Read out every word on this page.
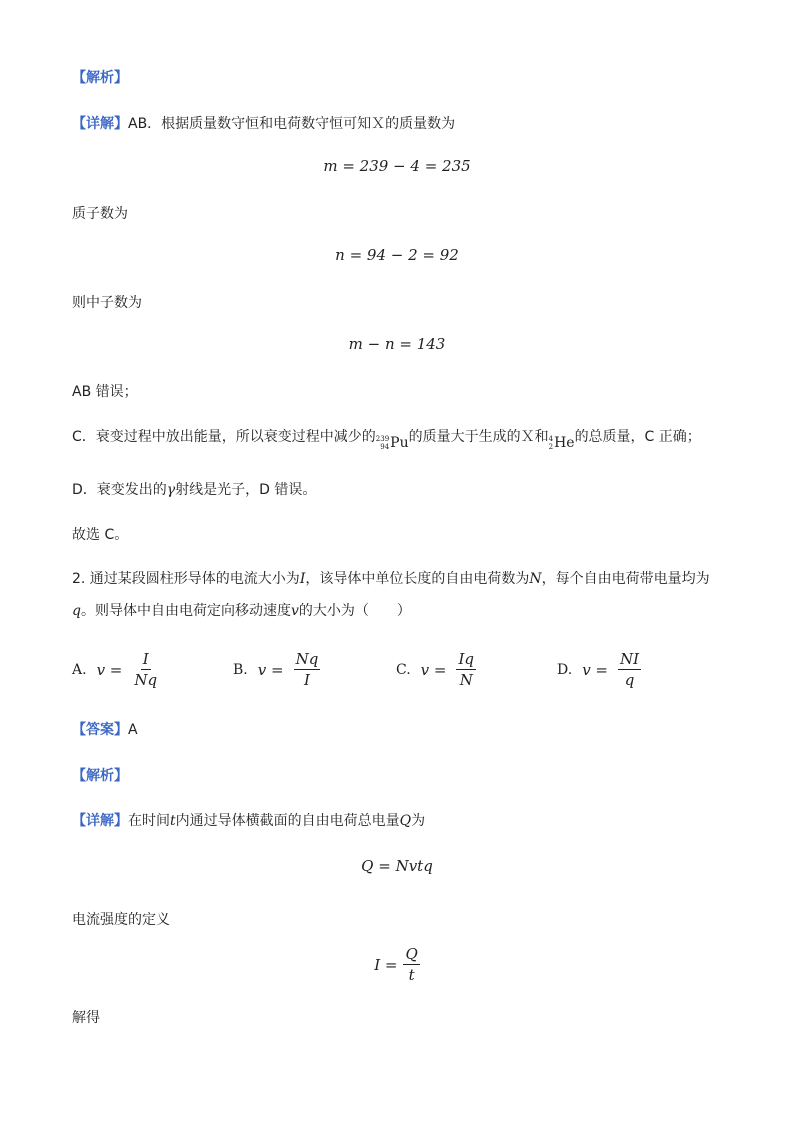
【解析】
【详解】AB．根据质量数守恒和电荷数守恒可知Ｘ的质量数为
m = 239 − 4 = 235
质子数为
n = 94 − 2 = 92
则中子数为
m − n = 143
AB 错误；
C．衰变过程中放出能量，所以衰变过程中减少的 239
94 Pu 的质量大于生成的Ｘ和 4
2 He 的总质量，C 正确；
D．衰变发出的γ射线是光子，D 错误。
故选 C。
2. 通过某段圆柱形导体的电流大小为I，该导体中单位长度的自由电荷数为N，每个自由电荷带电量均为
q。则导体中自由电荷定向移动速度v的大小为（　　）
A. $v = \frac{I}{Nq}$	B. $v = \frac{Nq}{I}$	C. $v = \frac{Iq}{N}$	D. $v = \frac{NI}{q}$
【答案】A
【解析】
【详解】在时间t内通过导体横截面的自由电荷总电量Q为
Q = Nvtq
电流强度的定义
$I = \frac{Q}{t}$
解得
